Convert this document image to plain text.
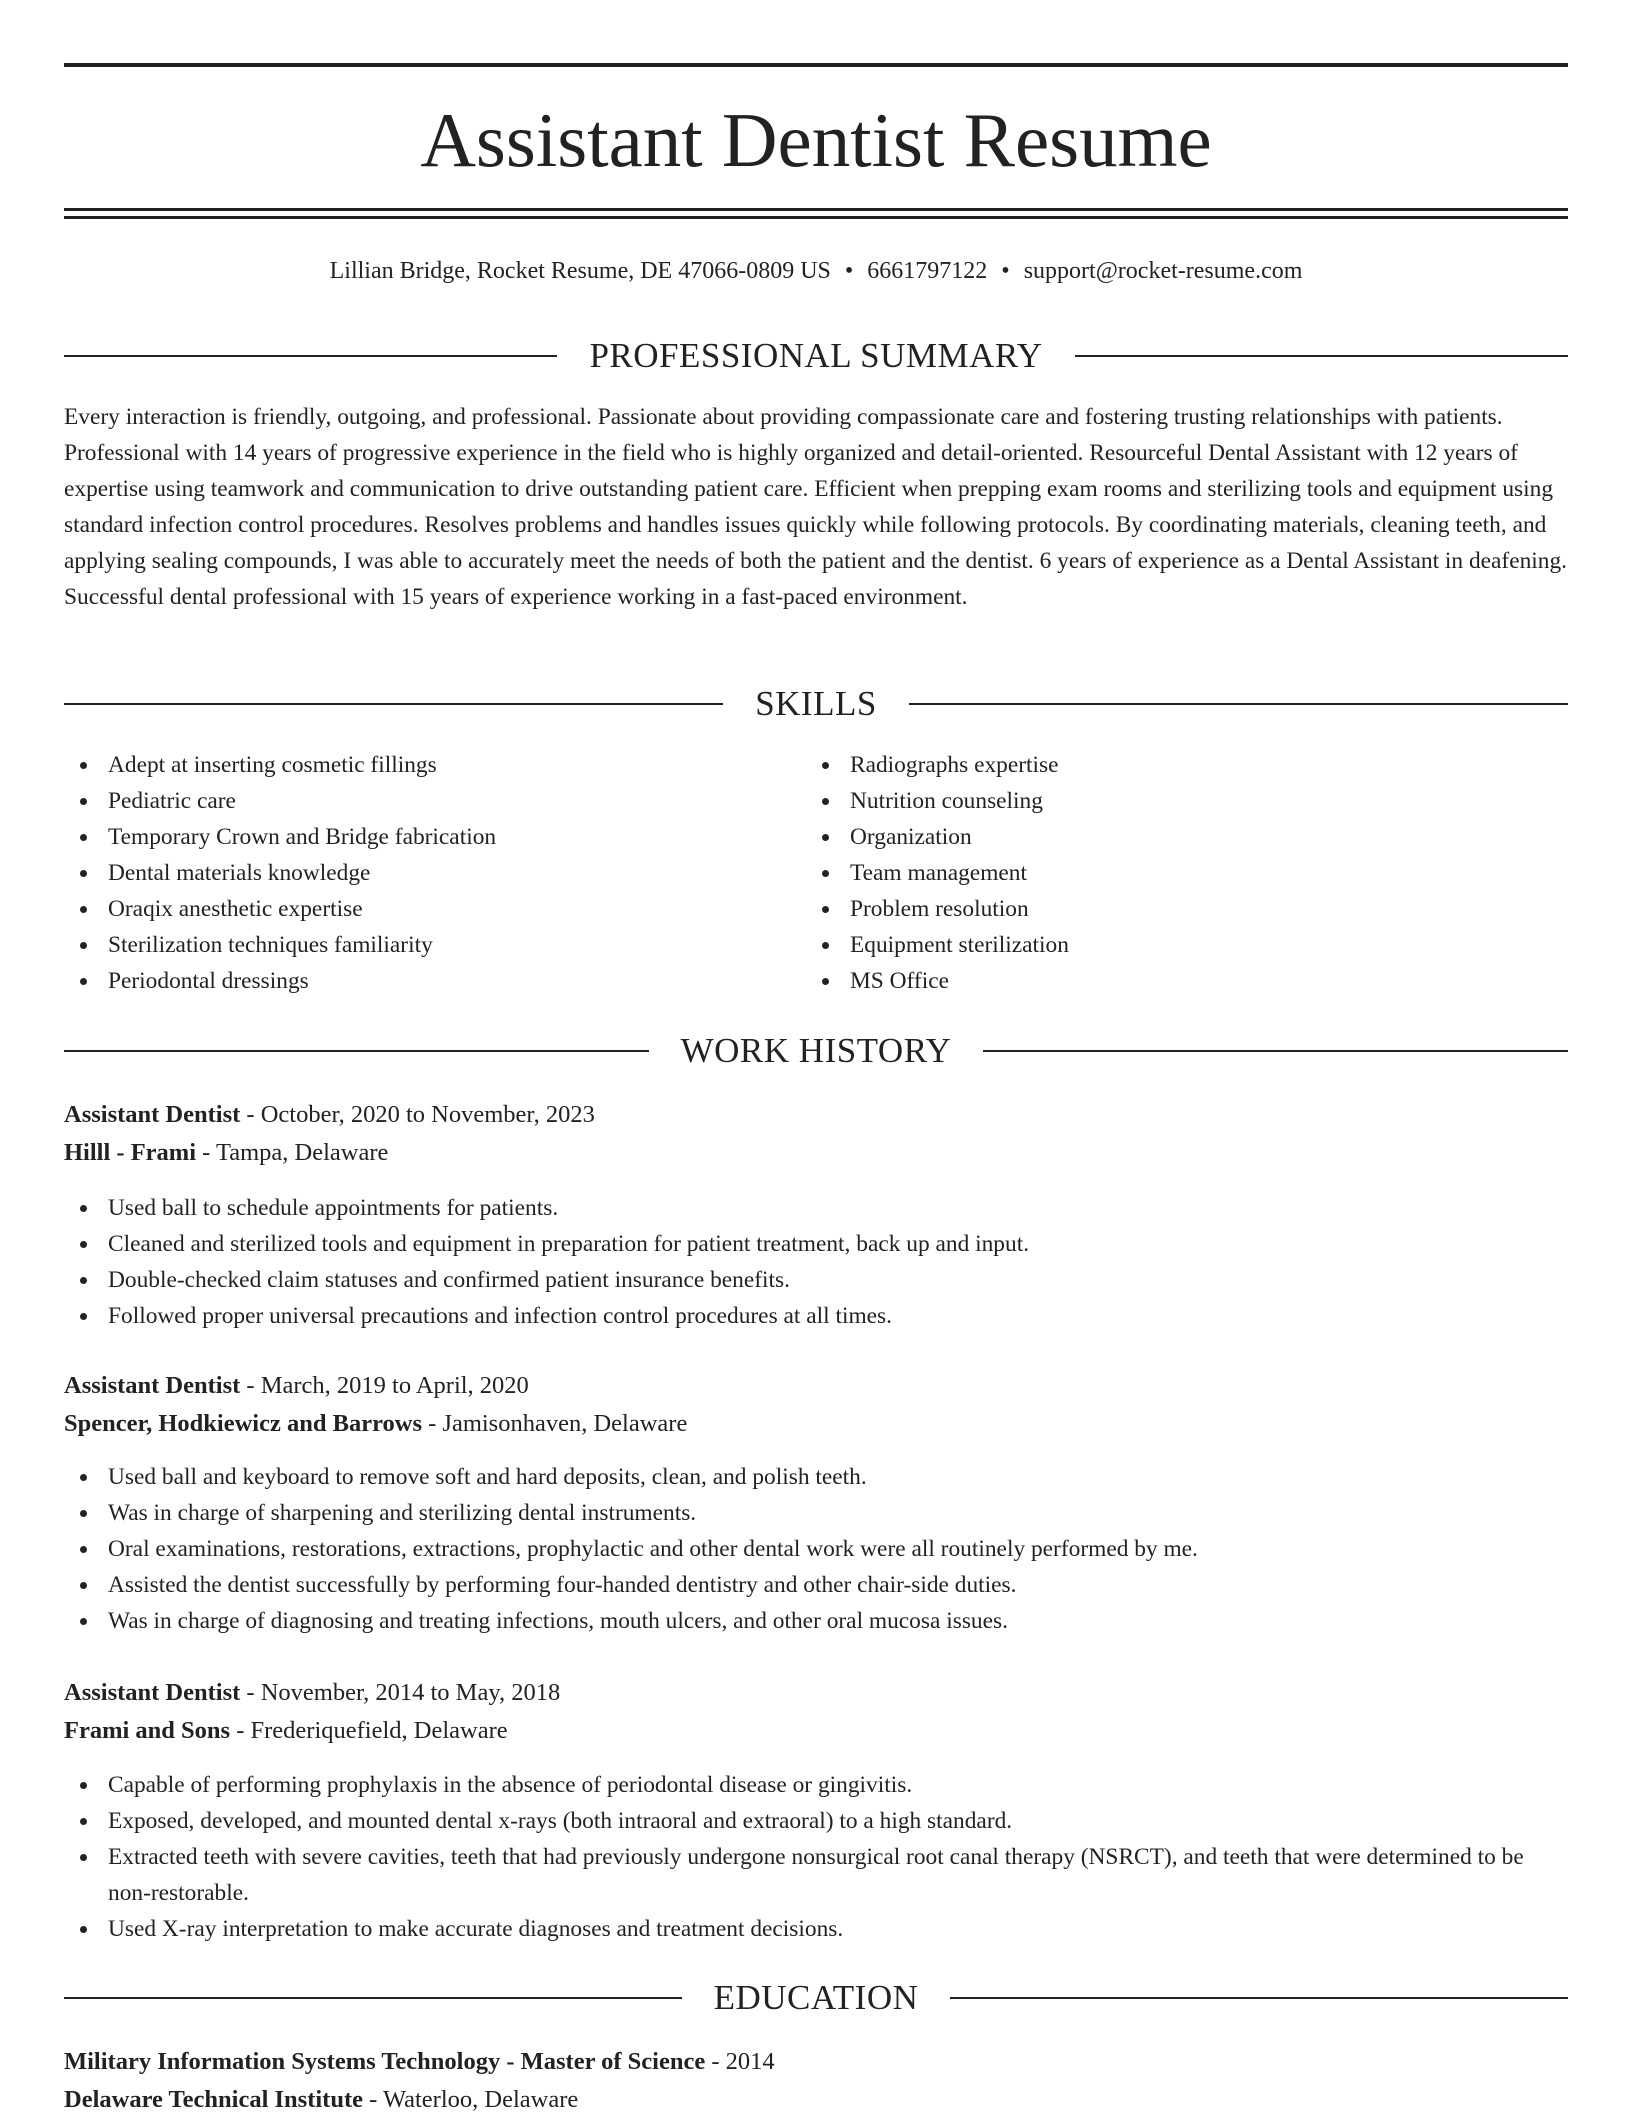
Assistant Dentist Resume
Lillian Bridge, Rocket Resume, DE 47066-0809 US • 6661797122 • support@rocket-resume.com
PROFESSIONAL SUMMARY

Every interaction is friendly, outgoing, and professional. Passionate about providing compassionate care and fostering trusting relationships with patients. Professional with 14 years of progressive experience in the field who is highly organized and detail-oriented. Resourceful Dental Assistant with 12 years of expertise using teamwork and communication to drive outstanding patient care. Efficient when prepping exam rooms and sterilizing tools and equipment using standard infection control procedures. Resolves problems and handles issues quickly while following protocols. By coordinating materials, cleaning teeth, and applying sealing compounds, I was able to accurately meet the needs of both the patient and the dentist. 6 years of experience as a Dental Assistant in deafening. Successful dental professional with 15 years of experience working in a fast-paced environment.

SKILLS
Adept at inserting cosmetic fillings
Pediatric care
Temporary Crown and Bridge fabrication
Dental materials knowledge
Oraqix anesthetic expertise
Sterilization techniques familiarity
Periodontal dressings
Radiographs expertise
Nutrition counseling
Organization
Team management
Problem resolution
Equipment sterilization
MS Office
WORK HISTORY
Assistant Dentist - October, 2020 to November, 2023
Hilll - Frami - Tampa, Delaware
Used ball to schedule appointments for patients.
Cleaned and sterilized tools and equipment in preparation for patient treatment, back up and input.
Double-checked claim statuses and confirmed patient insurance benefits.
Followed proper universal precautions and infection control procedures at all times.
Assistant Dentist - March, 2019 to April, 2020
Spencer, Hodkiewicz and Barrows - Jamisonhaven, Delaware
Used ball and keyboard to remove soft and hard deposits, clean, and polish teeth.
Was in charge of sharpening and sterilizing dental instruments.
Oral examinations, restorations, extractions, prophylactic and other dental work were all routinely performed by me.
Assisted the dentist successfully by performing four-handed dentistry and other chair-side duties.
Was in charge of diagnosing and treating infections, mouth ulcers, and other oral mucosa issues.
Assistant Dentist - November, 2014 to May, 2018
Frami and Sons - Frederiquefield, Delaware
Capable of performing prophylaxis in the absence of periodontal disease or gingivitis.
Exposed, developed, and mounted dental x-rays (both intraoral and extraoral) to a high standard.
Extracted teeth with severe cavities, teeth that had previously undergone nonsurgical root canal therapy (NSRCT), and teeth that were determined to be non-restorable.
Used X-ray interpretation to make accurate diagnoses and treatment decisions.
EDUCATION
Military Information Systems Technology - Master of Science - 2014
Delaware Technical Institute - Waterloo, Delaware
